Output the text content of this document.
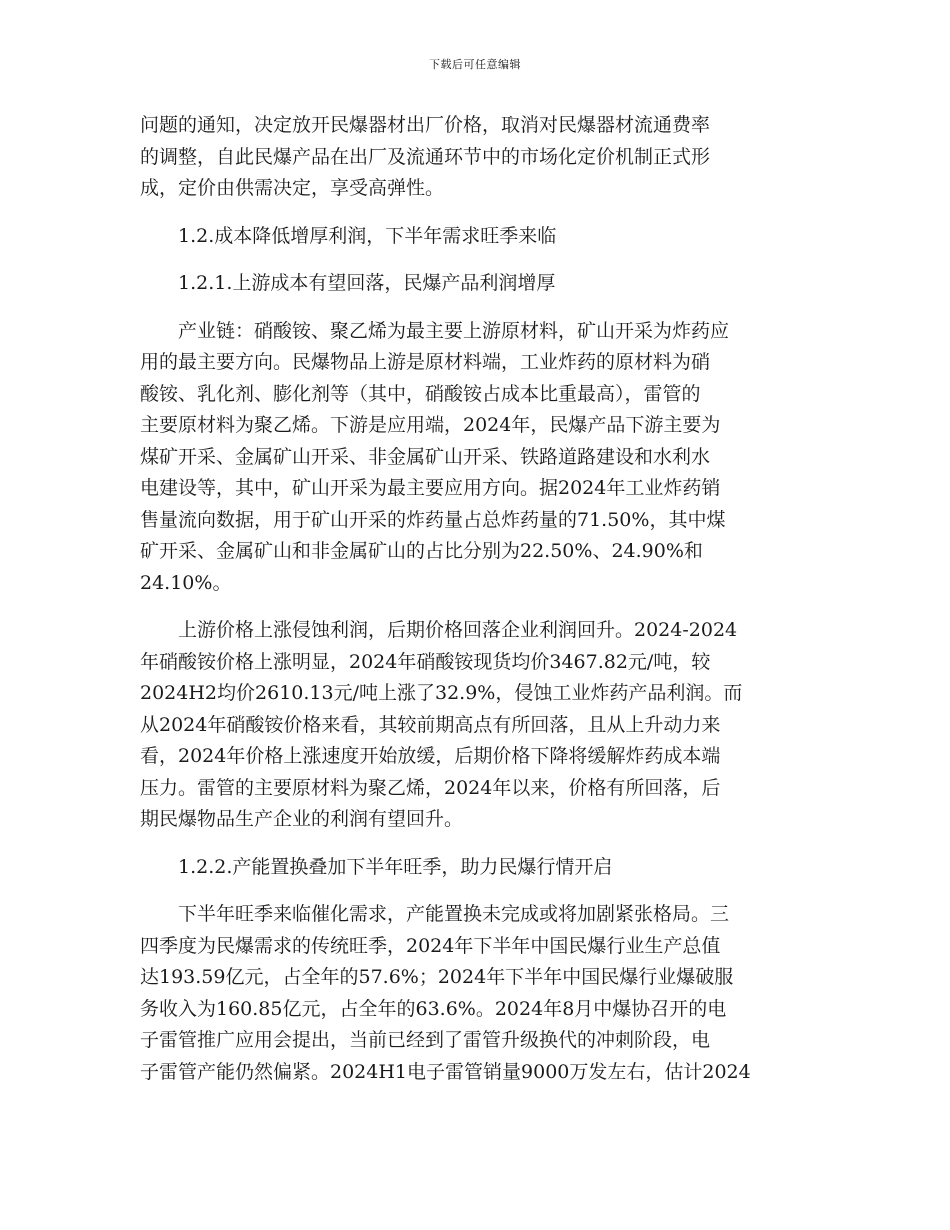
下载后可任意编辑
问题的通知，决定放开民爆器材出厂价格，取消对民爆器材流通费率
的调整，自此民爆产品在出厂及流通环节中的市场化定价机制正式形
成，定价由供需决定，享受高弹性。
1.2.成本降低增厚利润，下半年需求旺季来临
1.2.1.上游成本有望回落，民爆产品利润增厚
产业链：硝酸铵、聚乙烯为最主要上游原材料，矿山开采为炸药应
用的最主要方向。民爆物品上游是原材料端，工业炸药的原材料为硝
酸铵、乳化剂、膨化剂等（其中，硝酸铵占成本比重最高），雷管的
主要原材料为聚乙烯。下游是应用端，2024年，民爆产品下游主要为
煤矿开采、金属矿山开采、非金属矿山开采、铁路道路建设和水利水
电建设等，其中，矿山开采为最主要应用方向。据2024年工业炸药销
售量流向数据，用于矿山开采的炸药量占总炸药量的71.50%，其中煤
矿开采、金属矿山和非金属矿山的占比分别为22.50%、24.90%和
24.10%。
上游价格上涨侵蚀利润，后期价格回落企业利润回升。2024-2024
年硝酸铵价格上涨明显，2024年硝酸铵现货均价3467.82元/吨，较
2024H2均价2610.13元/吨上涨了32.9%，侵蚀工业炸药产品利润。而
从2024年硝酸铵价格来看，其较前期高点有所回落，且从上升动力来
看，2024年价格上涨速度开始放缓，后期价格下降将缓解炸药成本端
压力。雷管的主要原材料为聚乙烯，2024年以来，价格有所回落，后
期民爆物品生产企业的利润有望回升。
1.2.2.产能置换叠加下半年旺季，助力民爆行情开启
下半年旺季来临催化需求，产能置换未完成或将加剧紧张格局。三
四季度为民爆需求的传统旺季，2024年下半年中国民爆行业生产总值
达193.59亿元，占全年的57.6%；2024年下半年中国民爆行业爆破服
务收入为160.85亿元，占全年的63.6%。2024年8月中爆协召开的电
子雷管推广应用会提出，当前已经到了雷管升级换代的冲刺阶段，电
子雷管产能仍然偏紧。2024H1电子雷管销量9000万发左右，估计2024
